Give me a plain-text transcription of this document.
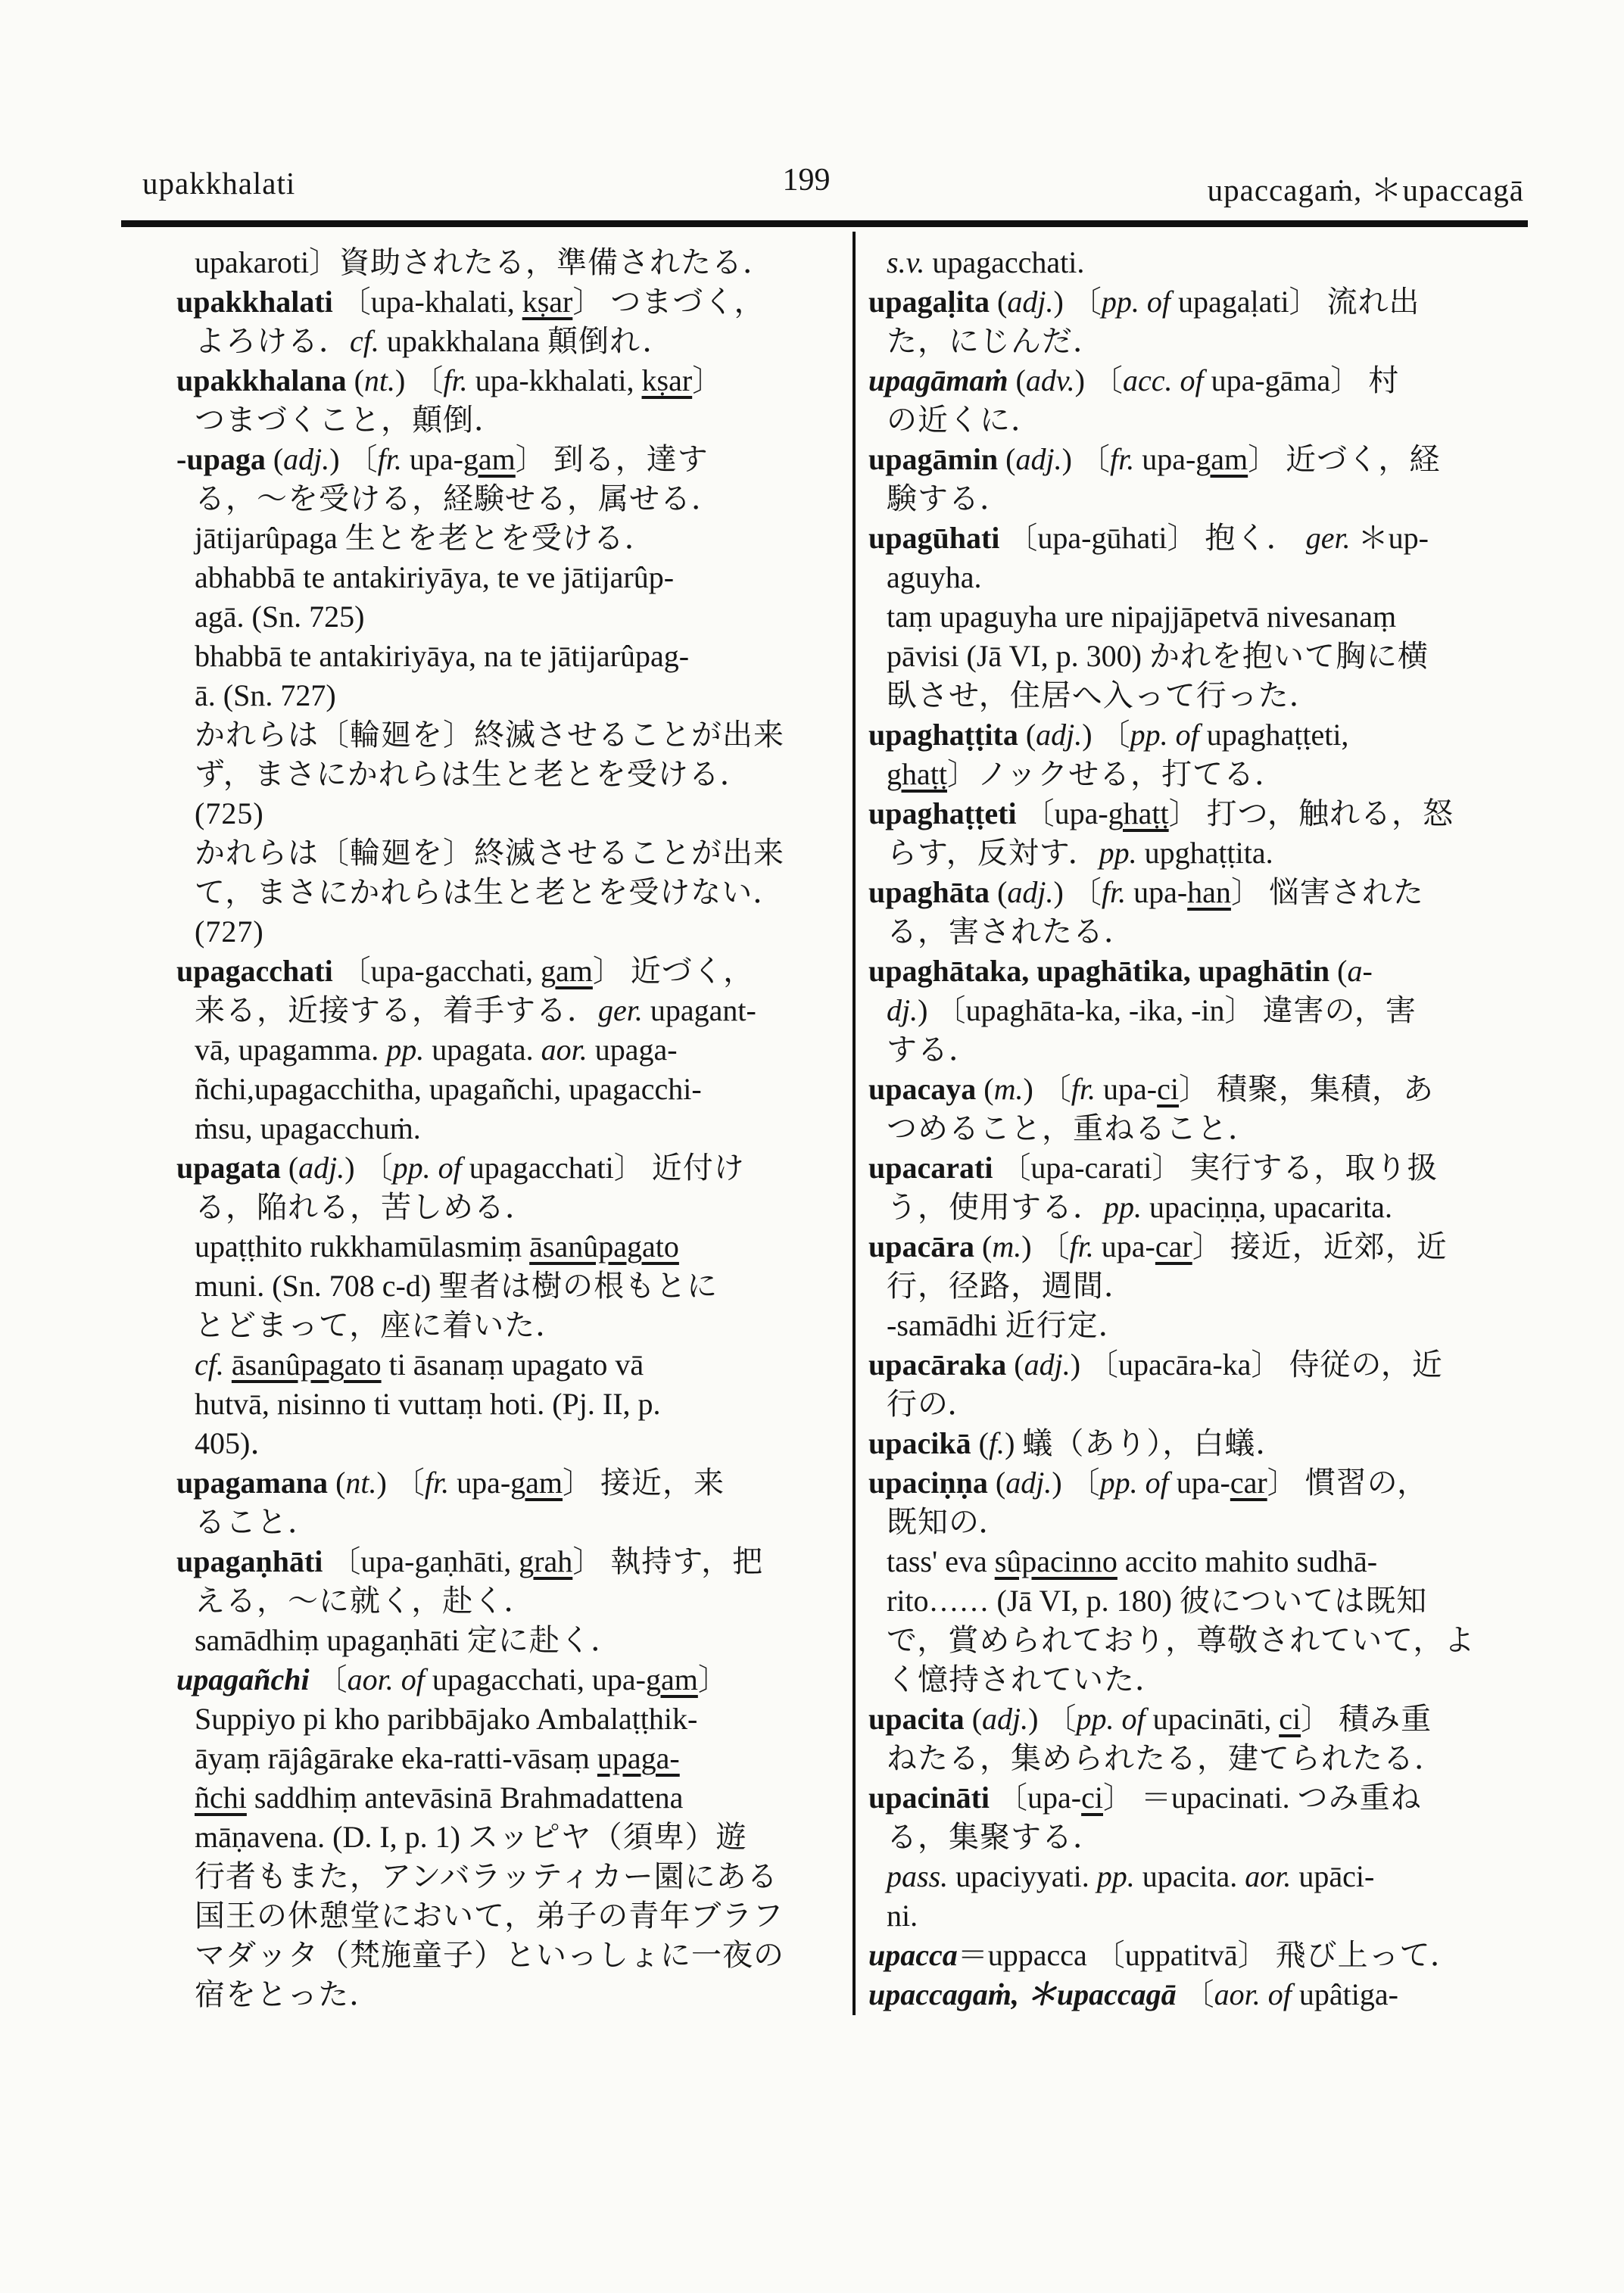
upakkhalati	199	upaccagaṁ, ＊upaccagā
upakaroti〕資助されたる，準備されたる．
upakkhalati 〔upa-khalati, kṣar〕 つまづく，
よろける．cf. upakkhalana 顛倒れ．
upakkhalana (nt.) 〔fr. upa-kkhalati, kṣar〕
つまづくこと，顛倒．
-upaga (adj.) 〔fr. upa-gam〕 到る，達す
る，〜を受ける，経験せる，属せる．
jātijarûpaga 生とを老とを受ける．
abhabbā te antakiriyāya, te ve jātijarûp-
agā. (Sn. 725)
bhabbā te antakiriyāya, na te jātijarûpag-
ā. (Sn. 727)
かれらは〔輪廻を〕終滅させることが出来
ず，まさにかれらは生と老とを受ける．
(725)
かれらは〔輪廻を〕終滅させることが出来
て，まさにかれらは生と老とを受けない．
(727)
upagacchati 〔upa-gacchati, gam〕 近づく，
来る，近接する，着手する．ger. upagant-
vā, upagamma. pp. upagata. aor. upaga-
ñchi,upagacchitha, upagañchi, upagacchi-
ṁsu, upagacchuṁ.
upagata (adj.) 〔pp. of upagacchati〕 近付け
る，陥れる，苦しめる．
upaṭṭhito rukkhamūlasmiṃ āsanûpagato
muni. (Sn. 708 c-d) 聖者は樹の根もとに
とどまって，座に着いた．
cf. āsanûpagato ti āsanaṃ upagato vā
hutvā, nisinno ti vuttaṃ hoti. (Pj. II, p.
405)．
upagamana (nt.) 〔fr. upa-gam〕 接近，来
ること．
upagaṇhāti 〔upa-gaṇhāti, grah〕 執持す，把
える，〜に就く，赴く．
samādhiṃ upagaṇhāti 定に赴く．
upagañchi 〔aor. of upagacchati, upa-gam〕
Suppiyo pi kho paribbājako Ambalaṭṭhik-
āyaṃ rājâgārake eka-ratti-vāsaṃ upaga-
ñchi saddhiṃ antevāsinā Brahmadattena
māṇavena. (D. I, p. 1) スッピヤ（須卑）遊
行者もまた，アンバラッティカー園にある
国王の休憩堂において，弟子の青年ブラフ
マダッタ（梵施童子）といっしょに一夜の
宿をとった．
s.v. upagacchati.
upagaḷita (adj.) 〔pp. of upagaḷati〕 流れ出
た，にじんだ．
upagāmaṁ (adv.) 〔acc. of upa-gāma〕 村
の近くに．
upagāmin (adj.) 〔fr. upa-gam〕 近づく，経
験する．
upagūhati 〔upa-gūhati〕 抱く． ger. ＊up-
aguyha.
taṃ upaguyha ure nipajjāpetvā nivesanaṃ
pāvisi (Jā VI, p. 300) かれを抱いて胸に横
臥させ，住居へ入って行った．
upaghaṭṭita (adj.) 〔pp. of upaghaṭṭeti,
ghaṭṭ〕ノックせる，打てる．
upaghaṭṭeti 〔upa-ghaṭṭ〕 打つ，触れる，怒
らす，反対す．pp. upghaṭṭita.
upaghāta (adj.) 〔fr. upa-han〕 悩害された
る，害されたる．
upaghātaka, upaghātika, upaghātin (a-
dj.) 〔upaghāta-ka, -ika, -in〕 違害の，害
する．
upacaya (m.) 〔fr. upa-ci〕 積聚，集積，あ
つめること，重ねること．
upacarati 〔upa-carati〕 実行する，取り扱
う，使用する．pp. upaciṇṇa, upacarita.
upacāra (m.) 〔fr. upa-car〕 接近，近郊，近
行，径路，週間．
-samādhi 近行定．
upacāraka (adj.) 〔upacāra-ka〕 侍従の，近
行の．
upacikā (f.) 蟻（あり），白蟻．
upaciṇṇa (adj.) 〔pp. of upa-car〕 慣習の，
既知の．
tass' eva sûpacinno accito mahito sudhā-
rito…… (Jā VI, p. 180) 彼については既知
で，賞められており，尊敬されていて，よ
く憶持されていた．
upacita (adj.) 〔pp. of upacināti, ci〕 積み重
ねたる，集められたる，建てられたる．
upacināti 〔upa-ci〕 ＝upacinati. つみ重ね
る，集聚する．
pass. upaciyyati. pp. upacita. aor. upāci-
ni.
upacca＝uppacca 〔uppatitvā〕 飛び上って．
upaccagaṁ, ＊upaccagā 〔aor. of upâtiga-
